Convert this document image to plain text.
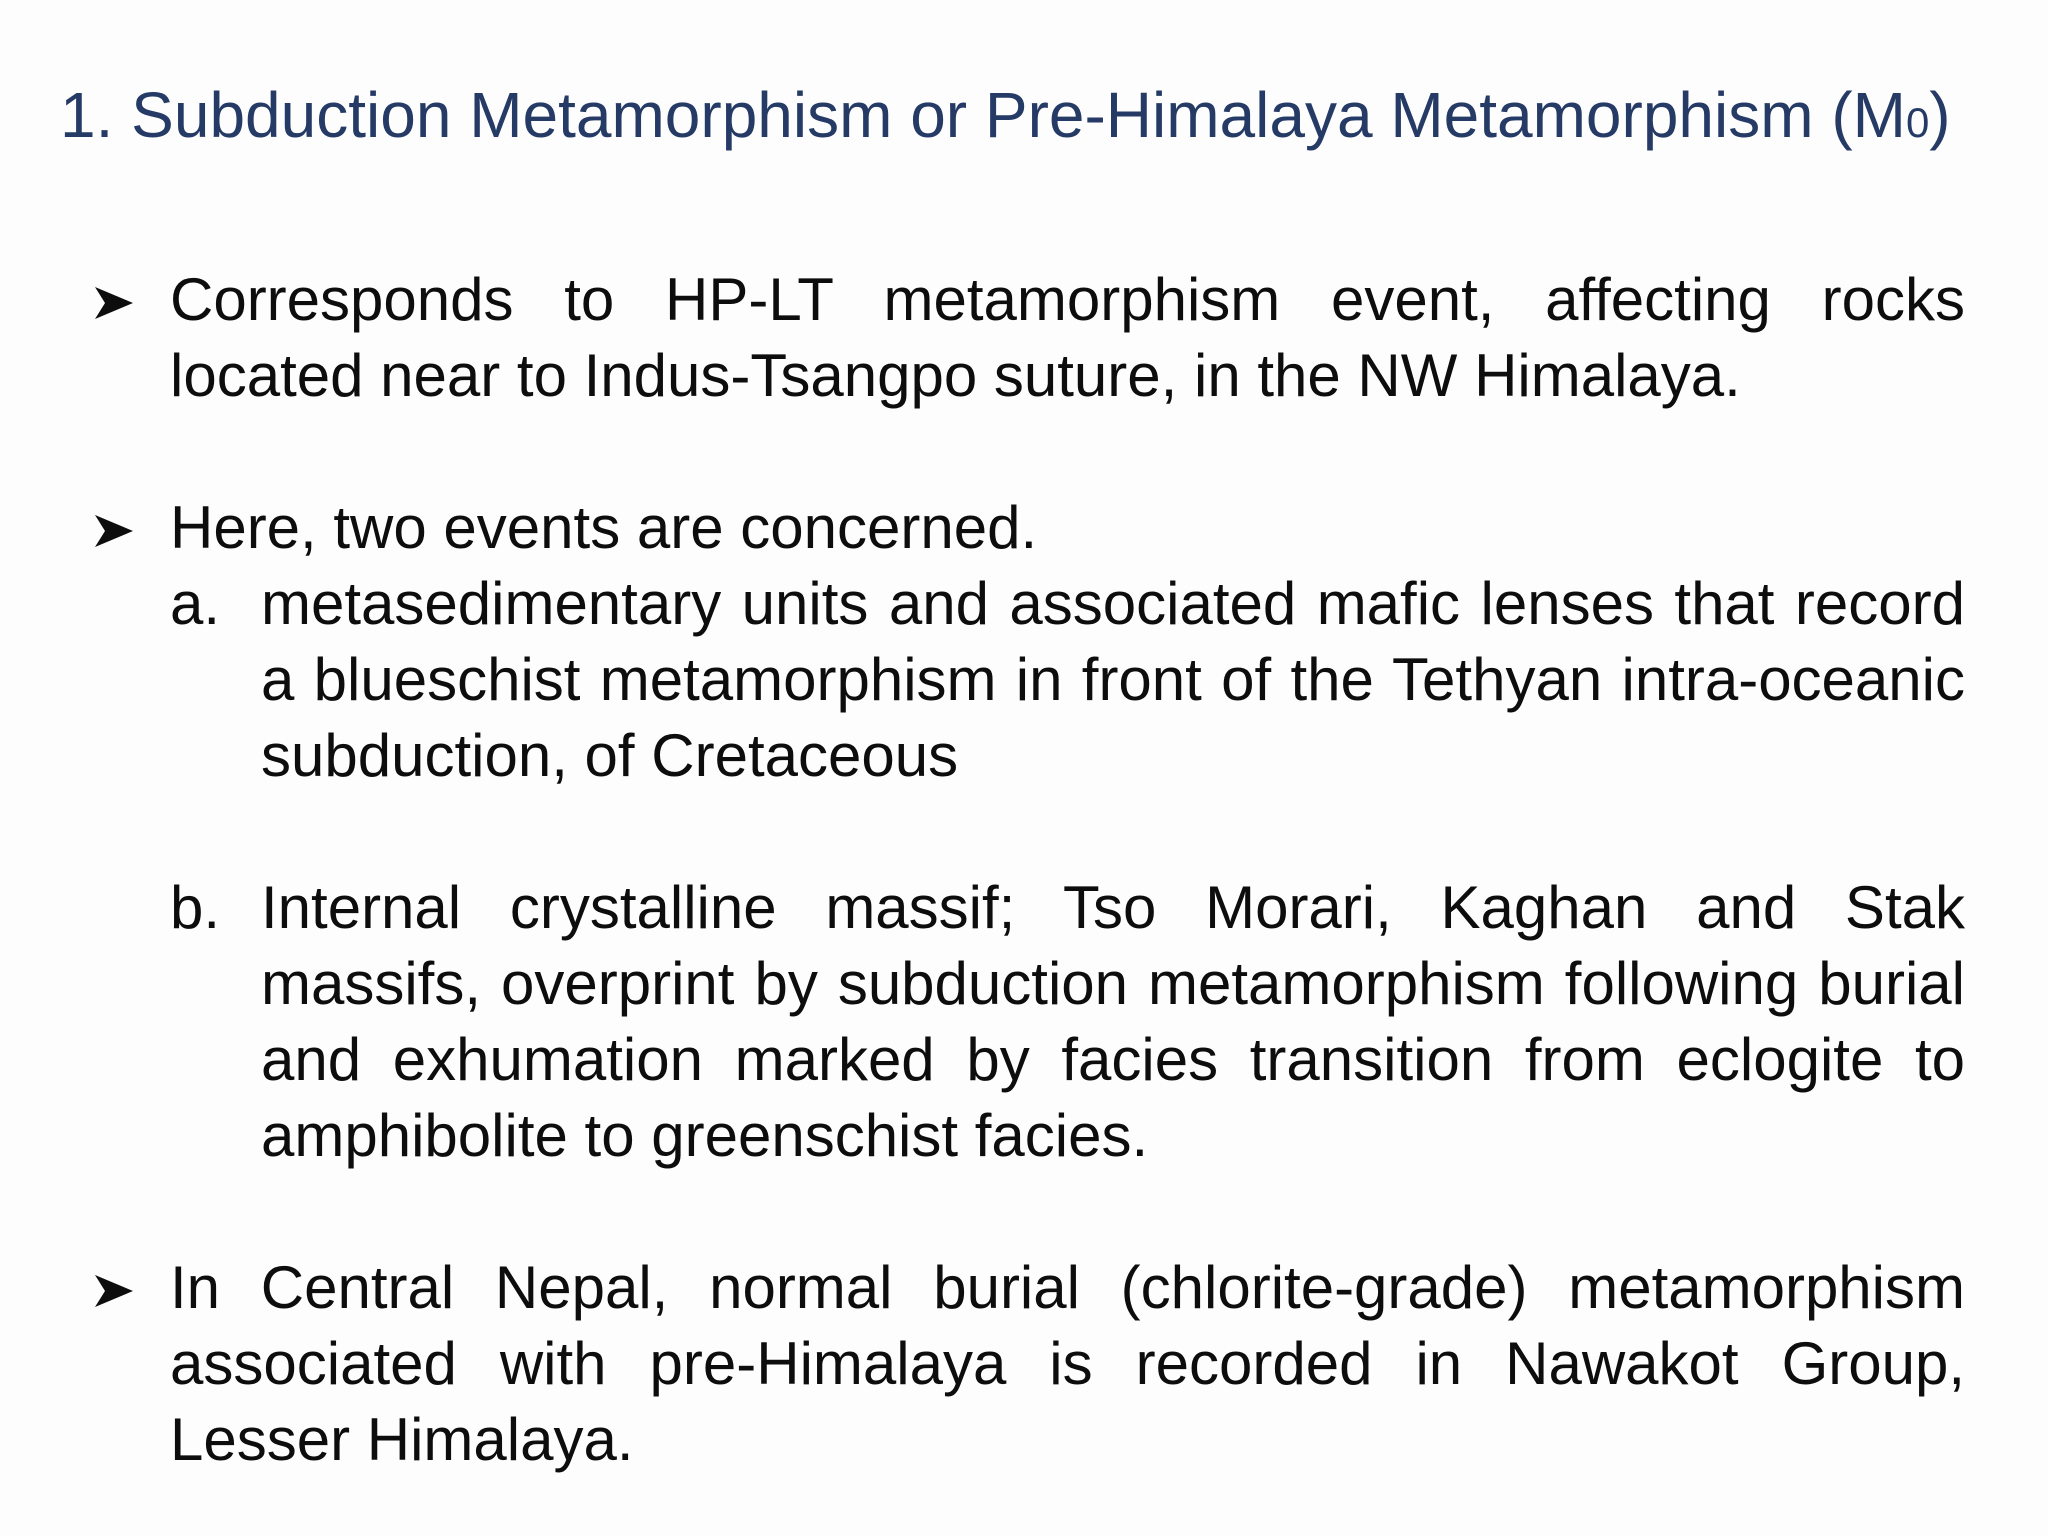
1. Subduction Metamorphism or Pre-Himalaya Metamorphism (M0)
Corresponds to HP-LT metamorphism event, affecting rocks located near to Indus-Tsangpo suture, in the NW Himalaya.
Here, two events are concerned.
a. metasedimentary units and associated mafic lenses that record a blueschist metamorphism in front of the Tethyan intra-oceanic subduction, of Cretaceous
b. Internal crystalline massif; Tso Morari, Kaghan and Stak massifs, overprint by subduction metamorphism following burial and exhumation marked by facies transition from eclogite to amphibolite to greenschist facies.
In Central Nepal, normal burial (chlorite-grade) metamorphism associated with pre-Himalaya is recorded in Nawakot Group, Lesser Himalaya.
